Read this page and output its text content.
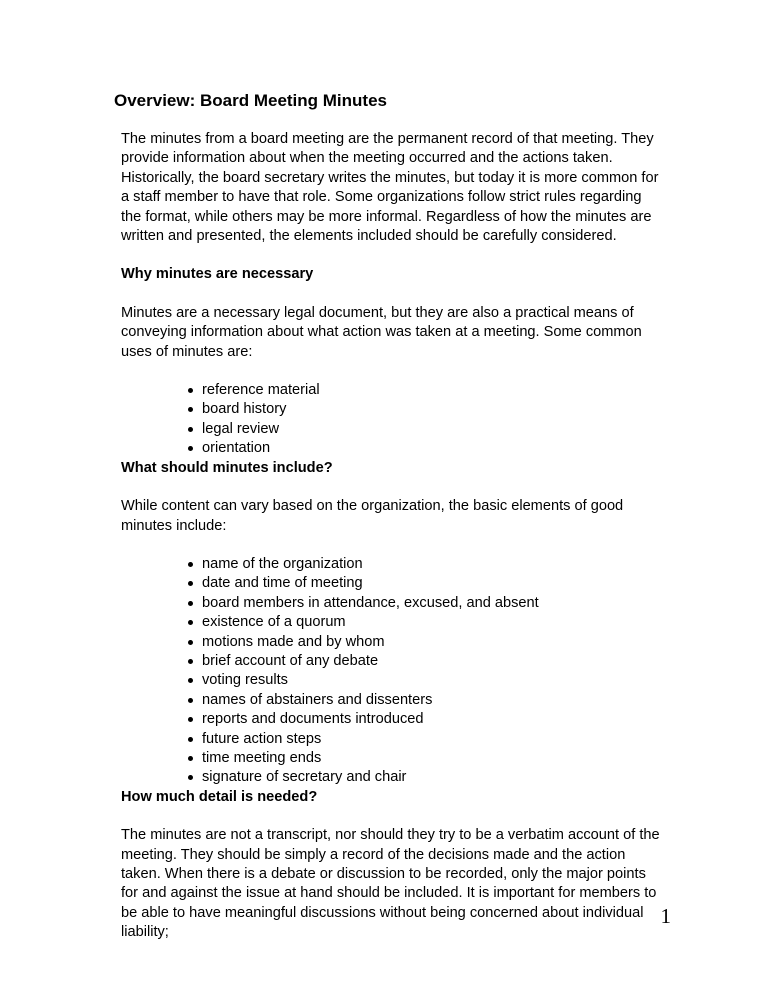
Overview: Board Meeting Minutes

The minutes from a board meeting are the permanent record of that meeting. They provide information about when the meeting occurred and the actions taken. Historically, the board secretary writes the minutes, but today it is more common for a staff member to have that role. Some organizations follow strict rules regarding the format, while others may be more informal. Regardless of how the minutes are written and presented, the elements included should be carefully considered.

Why minutes are necessary

Minutes are a necessary legal document, but they are also a practical means of conveying information about what action was taken at a meeting. Some common uses of minutes are:

reference material
board history
legal review
orientation

What should minutes include?

While content can vary based on the organization, the basic elements of good minutes include:

name of the organization
date and time of meeting
board members in attendance, excused, and absent
existence of a quorum
motions made and by whom
brief account of any debate
voting results
names of abstainers and dissenters
reports and documents introduced
future action steps
time meeting ends
signature of secretary and chair

How much detail is needed?

The minutes are not a transcript, nor should they try to be a verbatim account of the meeting. They should be simply a record of the decisions made and the action taken. When there is a debate or discussion to be recorded, only the major points for and against the issue at hand should be included. It is important for members to be able to have meaningful discussions without being concerned about individual liability;

1
